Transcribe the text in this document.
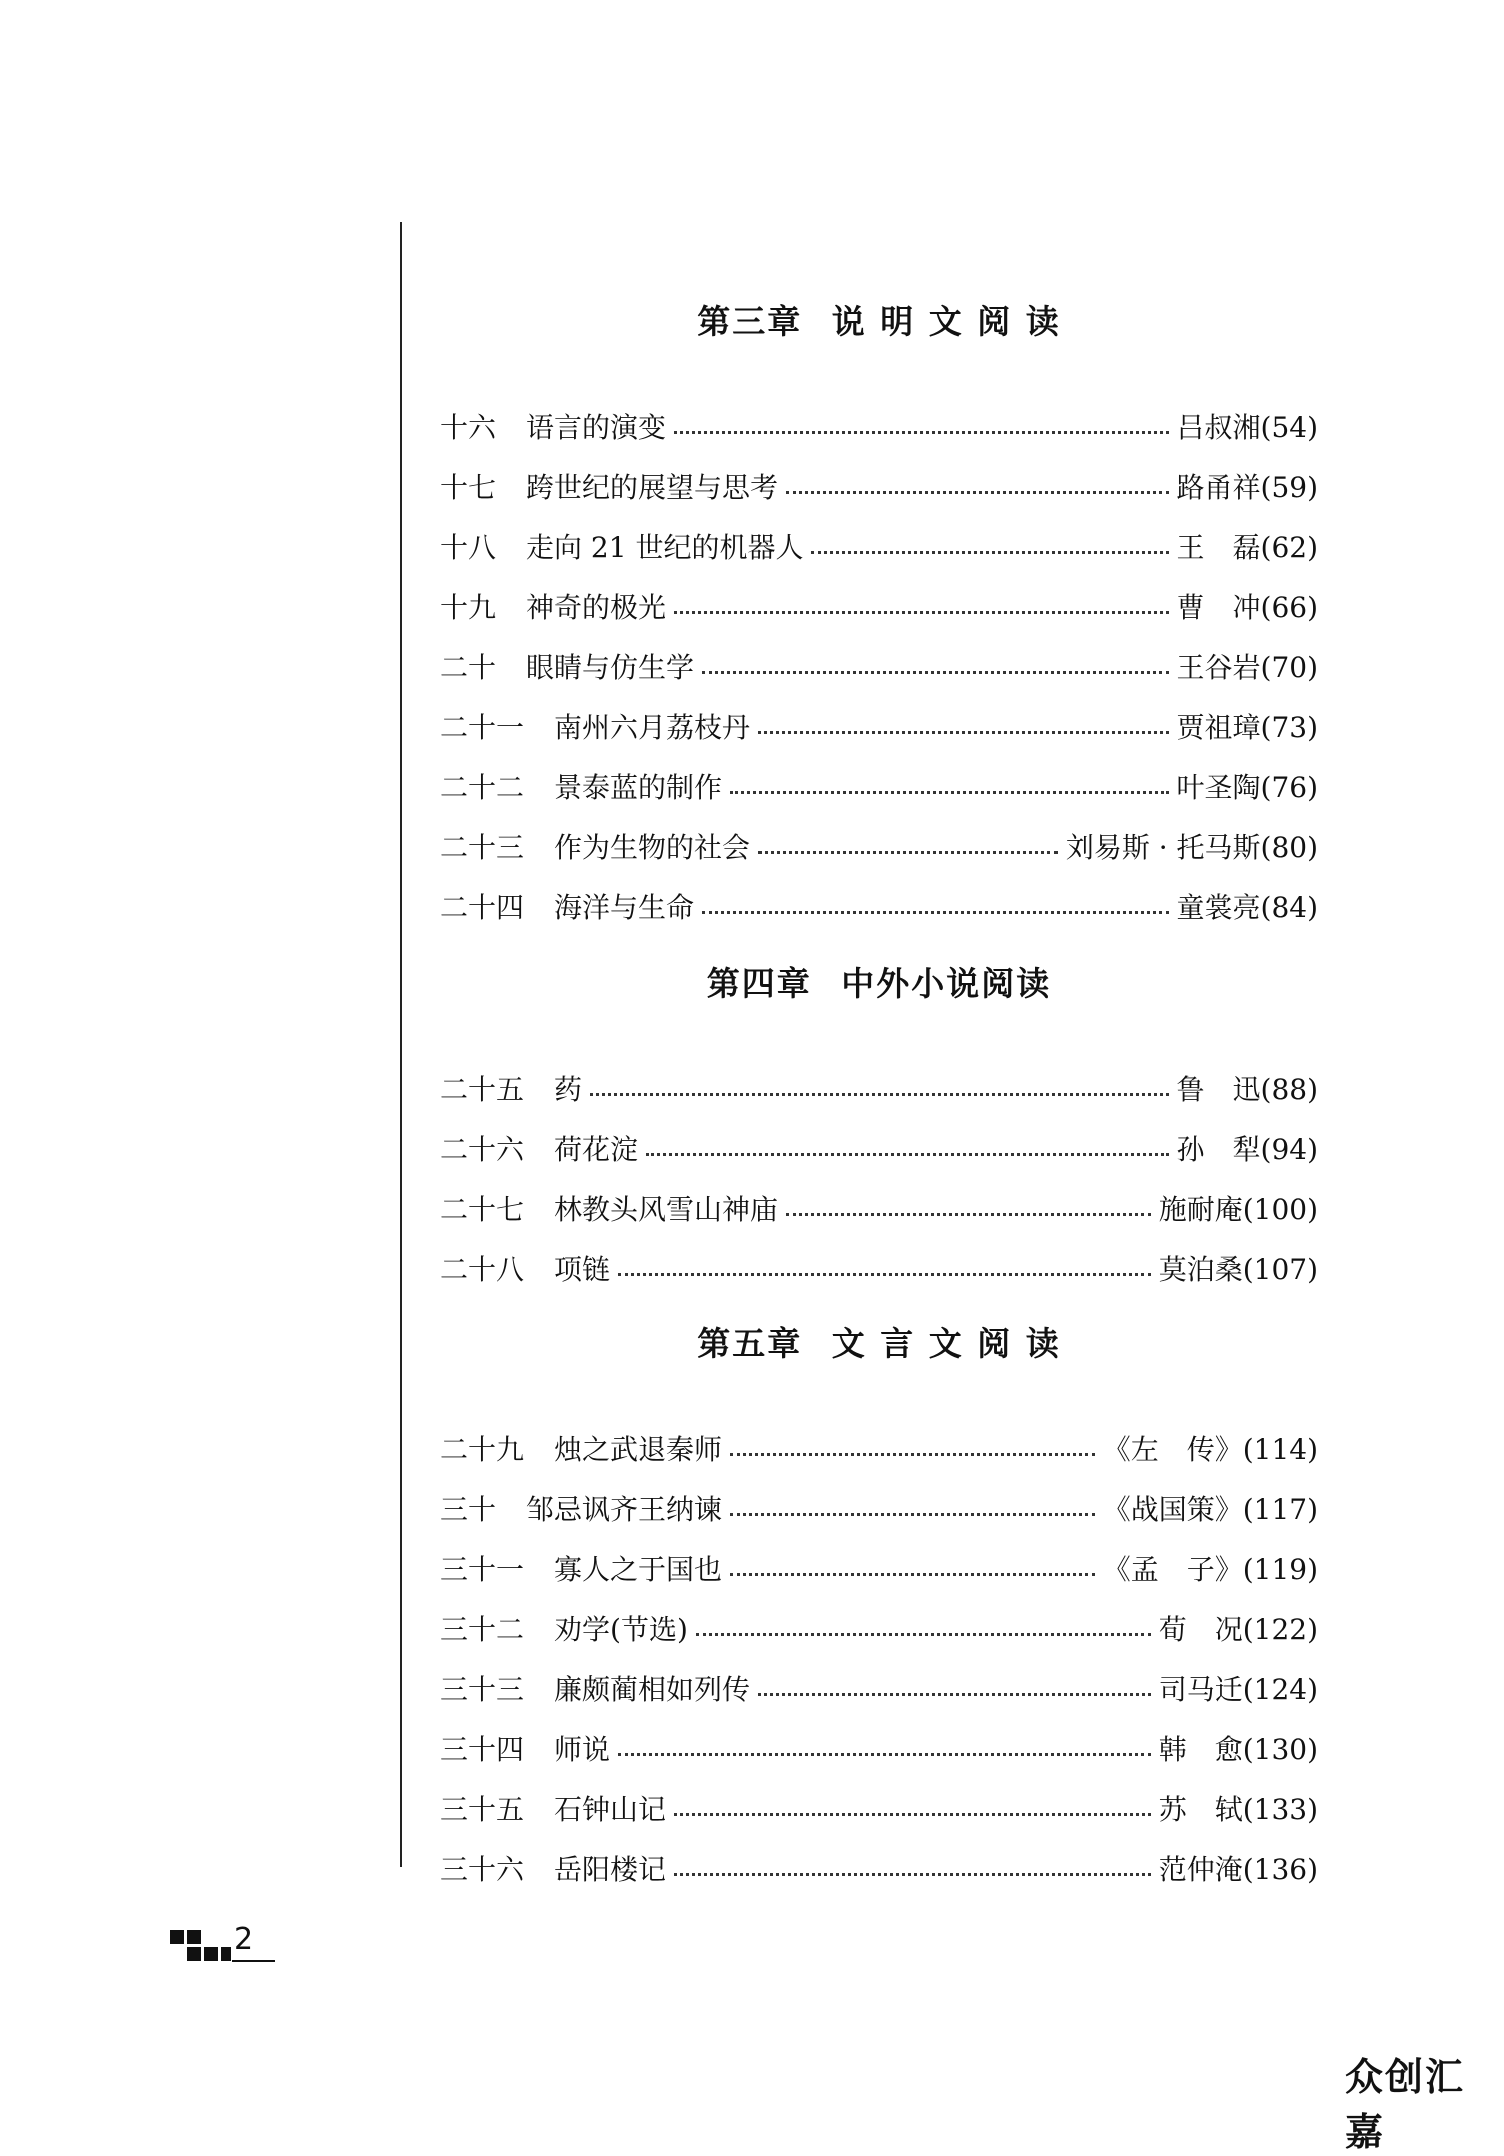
第三章 说 明 文 阅 读
十六 语言的演变	吕叔湘(54)
十七 跨世纪的展望与思考	路甬祥(59)
十八 走向 21 世纪的机器人	王　磊(62)
十九 神奇的极光	曹　冲(66)
二十 眼睛与仿生学	王谷岩(70)
二十一 南州六月荔枝丹	贾祖璋(73)
二十二 景泰蓝的制作	叶圣陶(76)
二十三 作为生物的社会	刘易斯 · 托马斯(80)
二十四 海洋与生命	童裳亮(84)
第四章 中外小说阅读
二十五 药	鲁　迅(88)
二十六 荷花淀	孙　犁(94)
二十七 林教头风雪山神庙	施耐庵(100)
二十八 项链	莫泊桑(107)
第五章 文 言 文 阅 读
二十九 烛之武退秦师	《左　传》(114)
三十 邹忌讽齐王纳谏	《战国策》(117)
三十一 寡人之于国也	《孟　子》(119)
三十二 劝学(节选)	荀　况(122)
三十三 廉颇蔺相如列传	司马迁(124)
三十四 师说	韩　愈(130)
三十五 石钟山记	苏　轼(133)
三十六 岳阳楼记	范仲淹(136)
2
众创汇嘉
